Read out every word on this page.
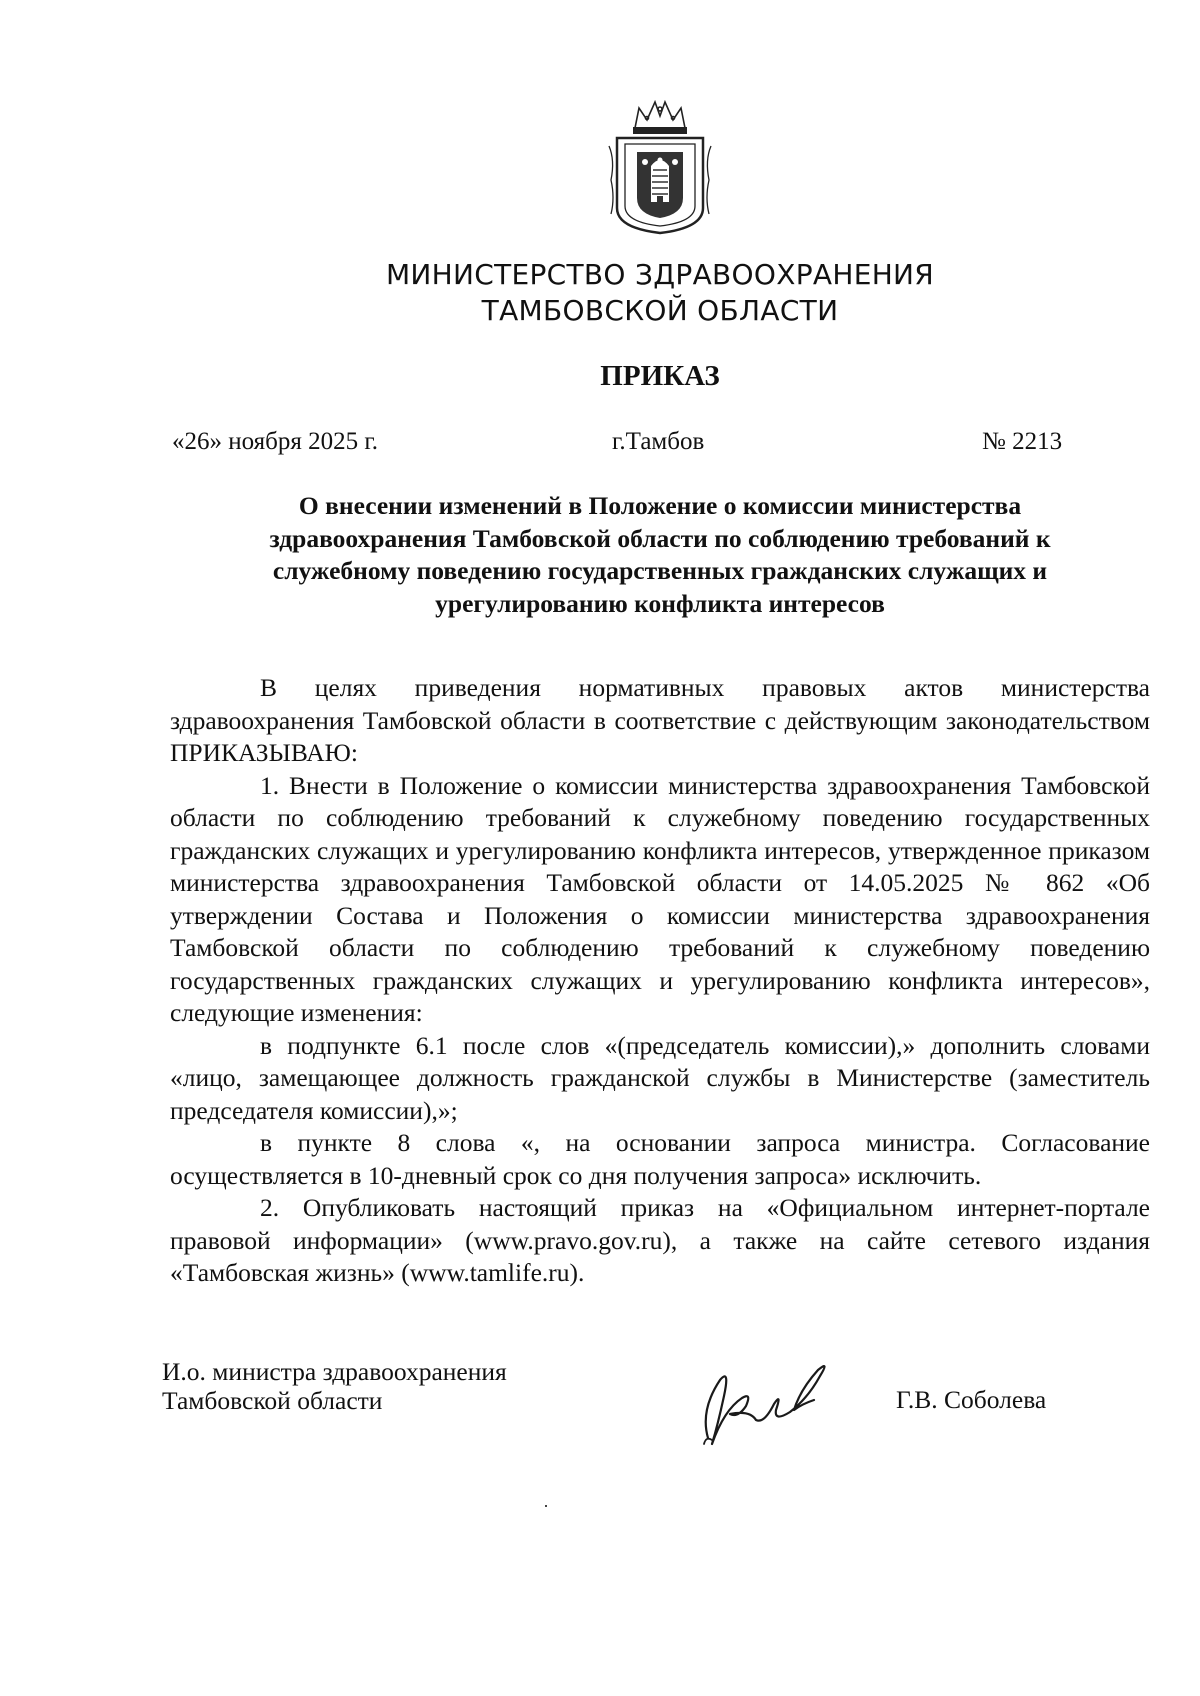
МИНИСТЕРСТВО ЗДРАВООХРАНЕНИЯ
ТАМБОВСКОЙ ОБЛАСТИ
ПРИКАЗ
«26» ноября 2025 г.	г.Тамбов	№ 2213
О внесении изменений в Положение о комиссии министерства
здравоохранения Тамбовской области по соблюдению требований к
служебному поведению государственных гражданских служащих и
урегулированию конфликта интересов
В целях приведения нормативных правовых актов министерства здравоохранения Тамбовской области в соответствие с действующим законодательством ПРИКАЗЫВАЮ:
1. Внести в Положение о комиссии министерства здравоохранения Тамбовской области по соблюдению требований к служебному поведению государственных гражданских служащих и урегулированию конфликта интересов, утвержденное приказом министерства здравоохранения Тамбовской области от 14.05.2025 № 862 «Об утверждении Состава и Положения о комиссии министерства здравоохранения Тамбовской области по соблюдению требований к служебному поведению государственных гражданских служащих и урегулированию конфликта интересов», следующие изменения:
в подпункте 6.1 после слов «(председатель комиссии),» дополнить словами «лицо, замещающее должность гражданской службы в Министерстве (заместитель председателя комиссии),»;
в пункте 8 слова «, на основании запроса министра. Согласование осуществляется в 10-дневный срок со дня получения запроса» исключить.
2. Опубликовать настоящий приказ на «Официальном интернет-портале правовой информации» (www.pravo.gov.ru), а также на сайте сетевого издания «Тамбовская жизнь» (www.tamlife.ru).
И.о. министра здравоохранения
Тамбовской области	Г.В. Соболева
